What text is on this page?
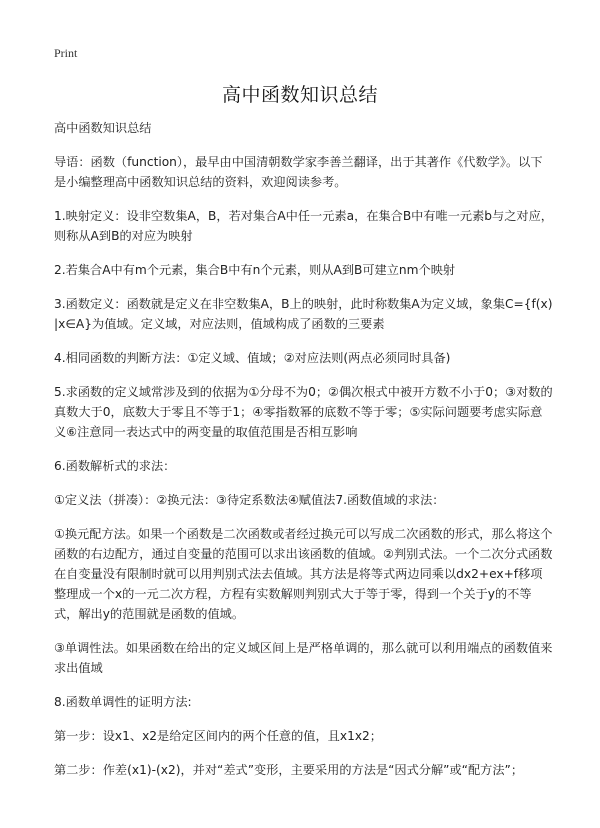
Print
高中函数知识总结

高中函数知识总结

导语：函数（function），最早由中国清朝数学家李善兰翻译，出于其著作《代数学》。以下是小编整理高中函数知识总结的资料，欢迎阅读参考。

1.映射定义：设非空数集A，B，若对集合A中任一元素a，在集合B中有唯一元素b与之对应，则称从A到B的对应为映射

2.若集合A中有m个元素，集合B中有n个元素，则从A到B可建立nm个映射

3.函数定义：函数就是定义在非空数集A，B上的映射，此时称数集A为定义域，象集C={f(x)|x∈A}为值域。定义域，对应法则，值域构成了函数的三要素

4.相同函数的判断方法：①定义域、值域；②对应法则(两点必须同时具备)

5.求函数的定义域常涉及到的依据为①分母不为0；②偶次根式中被开方数不小于0；③对数的真数大于0，底数大于零且不等于1；④零指数幂的底数不等于零；⑤实际问题要考虑实际意义⑥注意同一表达式中的两变量的取值范围是否相互影响

6.函数解析式的求法：

①定义法（拼凑）：②换元法：③待定系数法④赋值法7.函数值域的求法：

①换元配方法。如果一个函数是二次函数或者经过换元可以写成二次函数的形式，那么将这个函数的右边配方，通过自变量的范围可以求出该函数的值域。②判别式法。一个二次分式函数在自变量没有限制时就可以用判别式法去值域。其方法是将等式两边同乘以dx2+ex+f移项整理成一个x的一元二次方程，方程有实数解则判别式大于等于零，得到一个关于y的不等式，解出y的范围就是函数的值域。

③单调性法。如果函数在给出的定义域区间上是严格单调的，那么就可以利用端点的函数值来求出值域

8.函数单调性的证明方法:

第一步：设x1、x2是给定区间内的两个任意的值，且x1x2；

第二步：作差(x1)-(x2)，并对“差式”变形，主要采用的方法是“因式分解”或“配方法”；
